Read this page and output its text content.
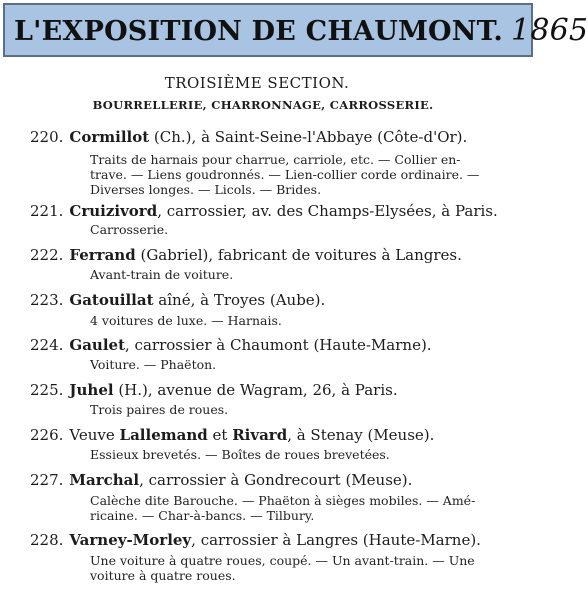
L'EXPOSITION DE CHAUMONT. 1865
TROISIÈME SECTION.
BOURRELLERIE, CHARRONNAGE, CARROSSERIE.
220. Cormillot (Ch.), à Saint-Seine-l'Abbaye (Côte-d'Or).
Traits de harnais pour charrue, carriole, etc. — Collier en-
trave. — Liens goudronnés. — Lien-collier corde ordinaire. —
Diverses longes. — Licols. — Brides.
221. Cruizivord, carrossier, av. des Champs-Elysées, à Paris.
Carrosserie.
222. Ferrand (Gabriel), fabricant de voitures à Langres.
Avant-train de voiture.
223. Gatouillat aîné, à Troyes (Aube).
4 voitures de luxe. — Harnais.
224. Gaulet, carrossier à Chaumont (Haute-Marne).
Voiture. — Phaëton.
225. Juhel (H.), avenue de Wagram, 26, à Paris.
Trois paires de roues.
226. Veuve Lallemand et Rivard, à Stenay (Meuse).
Essieux brevetés. — Boîtes de roues brevetées.
227. Marchal, carrossier à Gondrecourt (Meuse).
Calèche dite Barouche. — Phaëton à sièges mobiles. — Amé-
ricaine. — Char-à-bancs. — Tilbury.
228. Varney-Morley, carrossier à Langres (Haute-Marne).
Une voiture à quatre roues, coupé. — Un avant-train. — Une
voiture à quatre roues.
